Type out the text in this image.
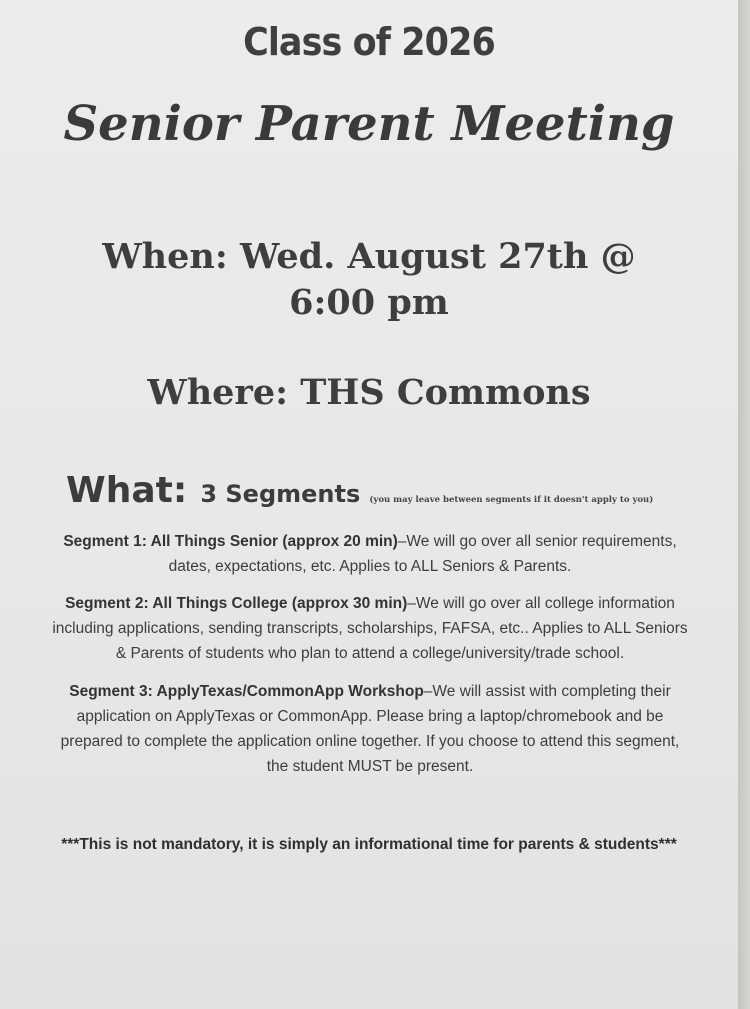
Class of 2026
Senior Parent Meeting
When: Wed. August 27th @
6:00 pm
Where: THS Commons
What: 3 Segments (you may leave between segments if it doesn't apply to you)
Segment 1: All Things Senior (approx 20 min)–We will go over all senior requirements, dates, expectations, etc. Applies to ALL Seniors & Parents.
Segment 2: All Things College (approx 30 min)–We will go over all college information including applications, sending transcripts, scholarships, FAFSA, etc.. Applies to ALL Seniors & Parents of students who plan to attend a college/university/trade school.
Segment 3: ApplyTexas/CommonApp Workshop–We will assist with completing their application on ApplyTexas or CommonApp. Please bring a laptop/chromebook and be prepared to complete the application online together. If you choose to attend this segment, the student MUST be present.
***This is not mandatory, it is simply an informational time for parents & students***
